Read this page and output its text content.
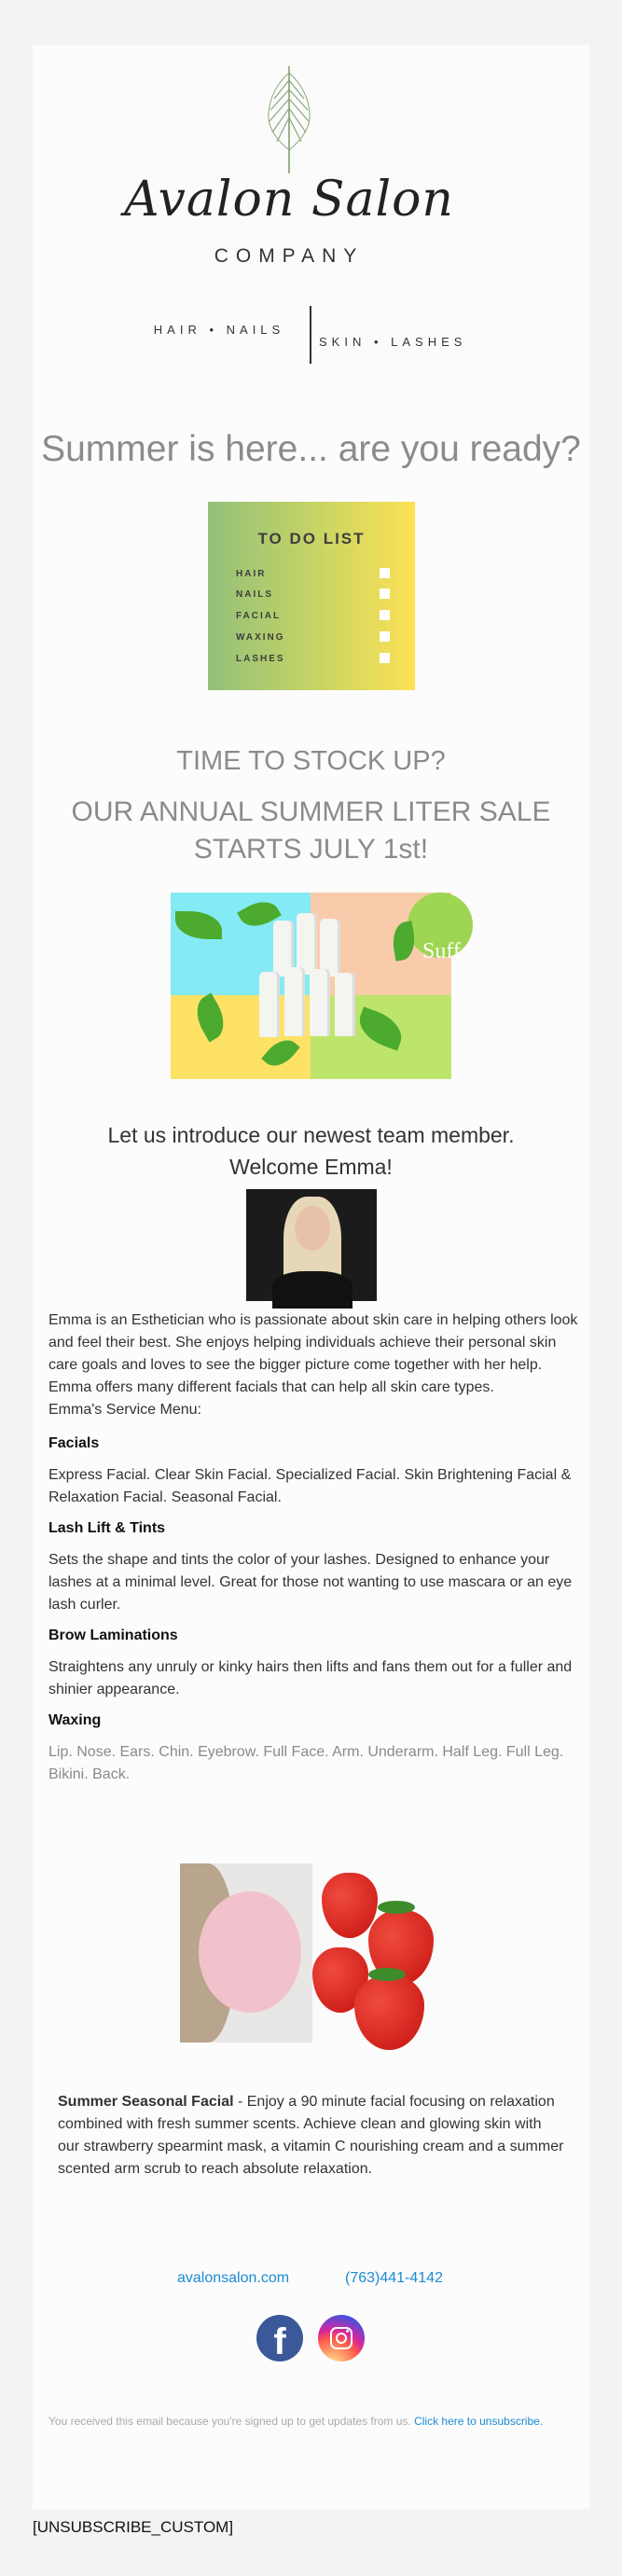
Avalon Salon
COMPANY
HAIR • NAILS
SKIN • LASHES
Summer is here... are you ready?
TO DO LIST
HAIR
NAILS
FACIAL
WAXING
LASHES
TIME TO STOCK UP?
OUR ANNUAL SUMMER LITER SALE STARTS JULY 1st!
Suff
Let us introduce our newest team member.
Welcome Emma!
Emma is an Esthetician who is passionate about skin care in helping others look and feel their best. She enjoys helping individuals achieve their personal skin care goals and loves to see the bigger picture come together with her help. Emma offers many different facials that can help all skin care types.
Emma's Service Menu:
Facials
Express Facial. Clear Skin Facial. Specialized Facial. Skin Brightening Facial & Relaxation Facial. Seasonal Facial.
Lash Lift & Tints
Sets the shape and tints the color of your lashes. Designed to enhance your lashes at a minimal level. Great for those not wanting to use mascara or an eye lash curler.
Brow Laminations
Straightens any unruly or kinky hairs then lifts and fans them out for a fuller and shinier appearance.
Waxing
Lip. Nose. Ears. Chin. Eyebrow. Full Face. Arm. Underarm. Half Leg. Full Leg. Bikini. Back.
Summer Seasonal Facial - Enjoy a 90 minute facial focusing on relaxation combined with fresh summer scents. Achieve clean and glowing skin with our strawberry spearmint mask, a vitamin C nourishing cream and a summer scented arm scrub to reach absolute relaxation.
avalonsalon.com	(763)441-4142
f
You received this email because you're signed up to get updates from us. Click here to unsubscribe.
[UNSUBSCRIBE_CUSTOM]
